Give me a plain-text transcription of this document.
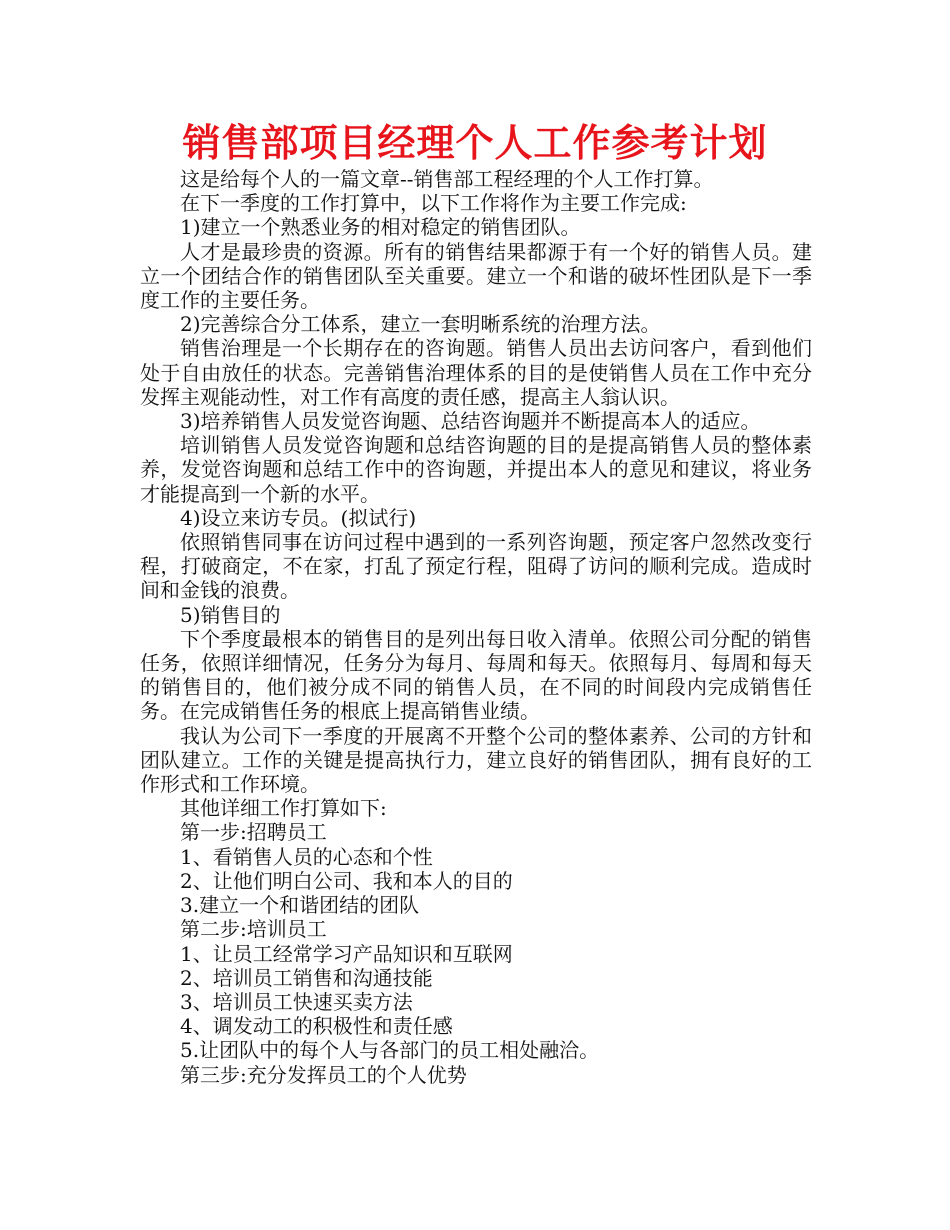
销售部项目经理个人工作参考计划

这是给每个人的一篇文章--销售部工程经理的个人工作打算。

在下一季度的工作打算中，以下工作将作为主要工作完成:

1)建立一个熟悉业务的相对稳定的销售团队。

人才是最珍贵的资源。所有的销售结果都源于有一个好的销售人员。建立一个团结合作的销售团队至关重要。建立一个和谐的破坏性团队是下一季度工作的主要任务。

2)完善综合分工体系，建立一套明晰系统的治理方法。

销售治理是一个长期存在的咨询题。销售人员出去访问客户，看到他们处于自由放任的状态。完善销售治理体系的目的是使销售人员在工作中充分发挥主观能动性，对工作有高度的责任感，提高主人翁认识。

3)培养销售人员发觉咨询题、总结咨询题并不断提高本人的适应。

培训销售人员发觉咨询题和总结咨询题的目的是提高销售人员的整体素养，发觉咨询题和总结工作中的咨询题，并提出本人的意见和建议，将业务才能提高到一个新的水平。

4)设立来访专员。(拟试行)

依照销售同事在访问过程中遇到的一系列咨询题，预定客户忽然改变行程，打破商定，不在家，打乱了预定行程，阻碍了访问的顺利完成。造成时间和金钱的浪费。

5)销售目的

下个季度最根本的销售目的是列出每日收入清单。依照公司分配的销售任务，依照详细情况，任务分为每月、每周和每天。依照每月、每周和每天的销售目的，他们被分成不同的销售人员，在不同的时间段内完成销售任务。在完成销售任务的根底上提高销售业绩。

我认为公司下一季度的开展离不开整个公司的整体素养、公司的方针和团队建立。工作的关键是提高执行力，建立良好的销售团队，拥有良好的工作形式和工作环境。

其他详细工作打算如下:

第一步:招聘员工

1、看销售人员的心态和个性

2、让他们明白公司、我和本人的目的

3.建立一个和谐团结的团队

第二步:培训员工

1、让员工经常学习产品知识和互联网

2、培训员工销售和沟通技能

3、培训员工快速买卖方法

4、调发动工的积极性和责任感

5.让团队中的每个人与各部门的员工相处融洽。

第三步:充分发挥员工的个人优势
